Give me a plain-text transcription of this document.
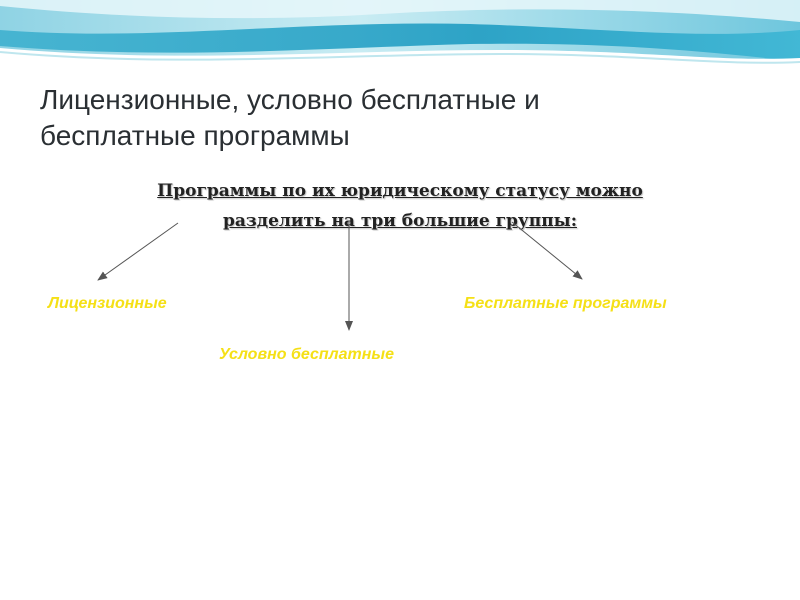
Лицензионные, условно бесплатные и
бесплатные программы

Программы по их юридическому статусу можно
разделить на три большие группы:

Лицензионные
Условно бесплатные
Бесплатные программы
